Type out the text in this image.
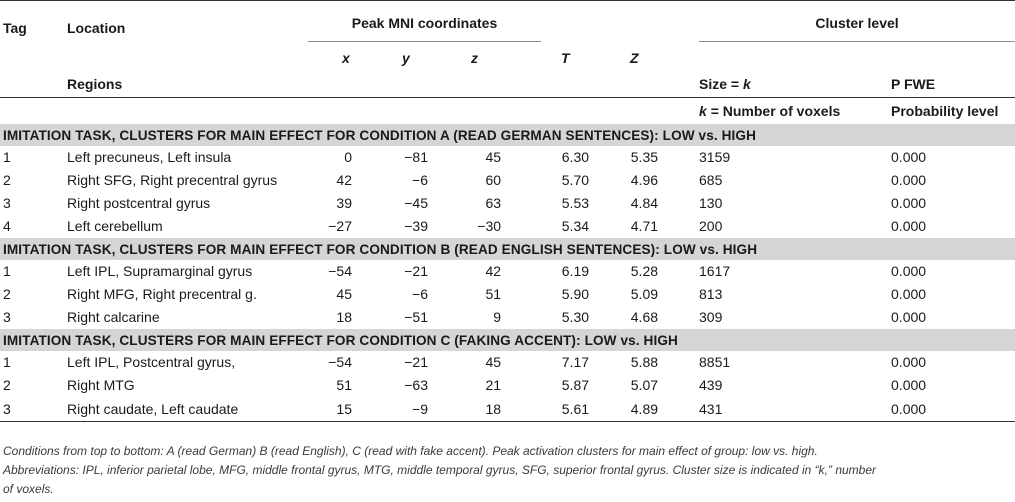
Tag	Location	Peak MNI coordinates					Cluster level	

		x	y	z	T	Z		
	Regions						Size = k	P FWE
							k = Number of voxels	Probability level
IMITATION TASK, CLUSTERS FOR MAIN EFFECT FOR CONDITION A (READ GERMAN SENTENCES): LOW vs. HIGH								
1	Left precuneus, Left insula	0	−81	45	6.30	5.35	3159	0.000
2	Right SFG, Right precentral gyrus	42	−6	60	5.70	4.96	685	0.000
3	Right postcentral gyrus	39	−45	63	5.53	4.84	130	0.000
4	Left cerebellum	−27	−39	−30	5.34	4.71	200	0.000
IMITATION TASK, CLUSTERS FOR MAIN EFFECT FOR CONDITION B (READ ENGLISH SENTENCES): LOW vs. HIGH								
1	Left IPL, Supramarginal gyrus	−54	−21	42	6.19	5.28	1617	0.000
2	Right MFG, Right precentral g.	45	−6	51	5.90	5.09	813	0.000
3	Right calcarine	18	−51	9	5.30	4.68	309	0.000
IMITATION TASK, CLUSTERS FOR MAIN EFFECT FOR CONDITION C (FAKING ACCENT): LOW vs. HIGH								
1	Left IPL, Postcentral gyrus,	−54	−21	45	7.17	5.88	8851	0.000
2	Right MTG	51	−63	21	5.87	5.07	439	0.000
3	Right caudate, Left caudate	15	−9	18	5.61	4.89	431	0.000

Conditions from top to bottom: A (read German) B (read English), C (read with fake accent). Peak activation clusters for main effect of group: low vs. high.

Abbreviations: IPL, inferior parietal lobe, MFG, middle frontal gyrus, MTG, middle temporal gyrus, SFG, superior frontal gyrus. Cluster size is indicated in “k,” number

of voxels.
